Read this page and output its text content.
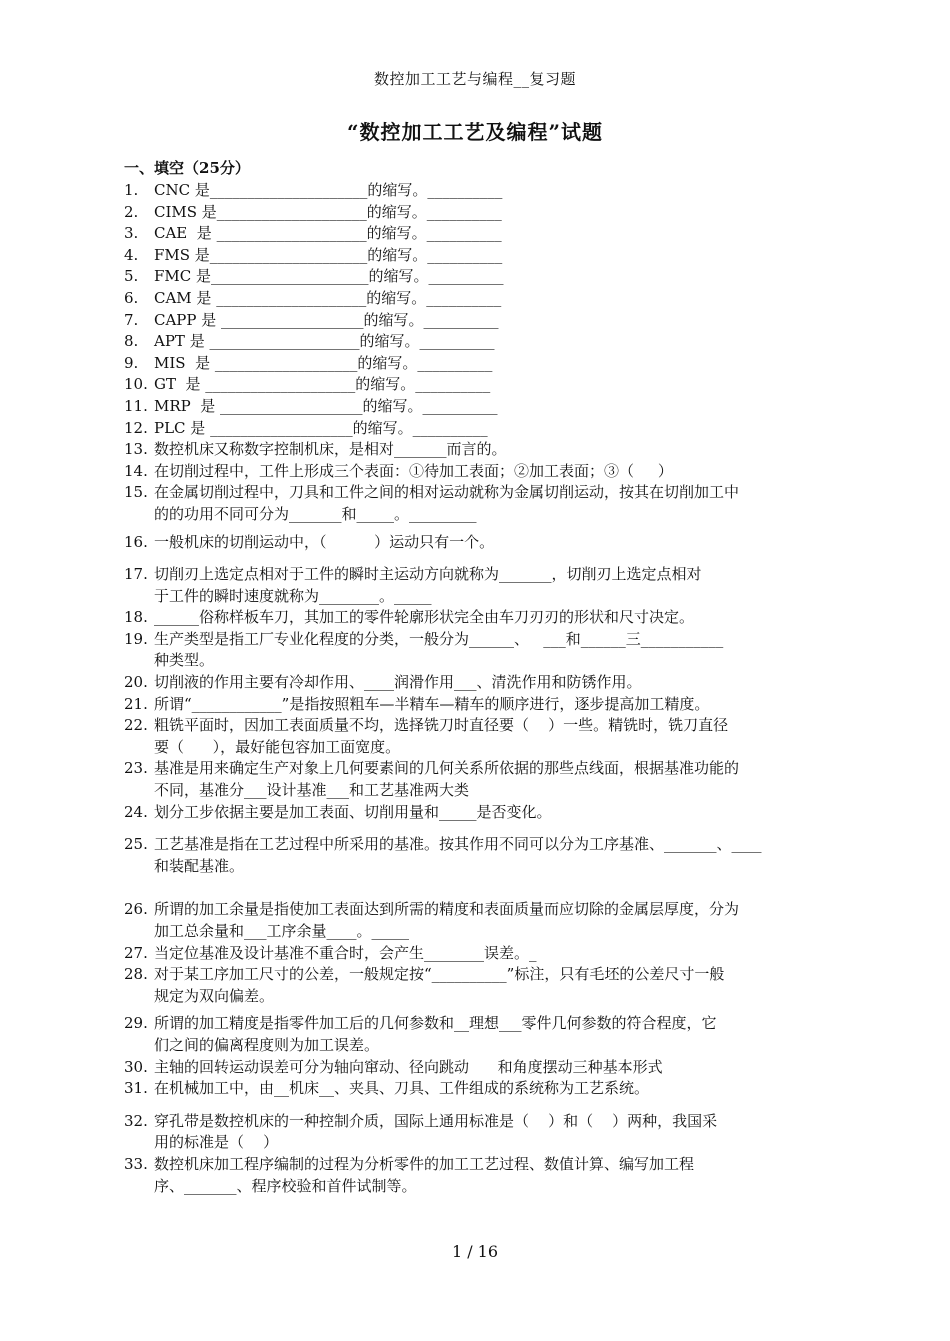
数控加工工艺与编程__复习题
“数控加工工艺及编程”试题
一、填空（25分）
1.	CNC 是_____________________的缩写。__________
2.	CIMS 是____________________的缩写。__________
3.	CAE  是 ____________________的缩写。__________
4.	FMS 是_____________________的缩写。__________
5.	FMC 是_____________________的缩写。__________
6.	CAM 是 ____________________的缩写。__________
7.	CAPP 是 ___________________的缩写。__________
8.	APT 是 ____________________的缩写。__________
9.	MIS  是 ___________________的缩写。__________
10. GT  是 ____________________的缩写。__________
11. MRP  是 ___________________的缩写。__________
12. PLC 是 ___________________的缩写。__________
13. 数控机床又称数字控制机床，是相对_______而言的。
14. 在切削过程中，工件上形成三个表面：①待加工表面；②加工表面；③（     ）
15. 在金属切削过程中，刀具和工件之间的相对运动就称为金属切削运动，按其在切削加工中
的的功用不同可分为_______和_____。_________
16. 一般机床的切削运动中，（          ）运动只有一个。
17. 切削刃上选定点相对于工件的瞬时主运动方向就称为_______，切削刃上选定点相对
于工件的瞬时速度就称为________。_____
18. ______俗称样板车刀，其加工的零件轮廓形状完全由车刀刃刃的形状和尺寸决定。
19. 生产类型是指工厂专业化程度的分类，一般分为______、   ___和______三___________
种类型。
20. 切削液的作用主要有冷却作用、____润滑作用___、清洗作用和防锈作用。
21. 所谓“____________”是指按照粗车—半精车—精车的顺序进行，逐步提高加工精度。
22. 粗铣平面时，因加工表面质量不均，选择铣刀时直径要（    ）一些。精铣时，铣刀直径
要（      ），最好能包容加工面宽度。
23. 基准是用来确定生产对象上几何要素间的几何关系所依据的那些点线面，根据基准功能的
不同，基准分___设计基准___和工艺基准两大类
24. 划分工步依据主要是加工表面、切削用量和_____是否变化。
25. 工艺基准是指在工艺过程中所采用的基准。按其作用不同可以分为工序基准、_______、____
和装配基准。
26. 所谓的加工余量是指使加工表面达到所需的精度和表面质量而应切除的金属层厚度，分为
加工总余量和___工序余量____。_____
27. 当定位基准及设计基准不重合时，会产生________误差。_
28. 对于某工序加工尺寸的公差，一般规定按“__________”标注，只有毛坯的公差尺寸一般
规定为双向偏差。
29. 所谓的加工精度是指零件加工后的几何参数和__理想___零件几何参数的符合程度，它
们之间的偏离程度则为加工误差。
30. 主轴的回转运动误差可分为轴向窜动、径向跳动      和角度摆动三种基本形式
31. 在机械加工中，由__机床__、夹具、刀具、工件组成的系统称为工艺系统。
32. 穿孔带是数控机床的一种控制介质，国际上通用标准是（    ）和（    ）两种，我国采
用的标准是（    ）
33. 数控机床加工程序编制的过程为分析零件的加工工艺过程、数值计算、编写加工程
序、_______、程序校验和首件试制等。
1 / 16
